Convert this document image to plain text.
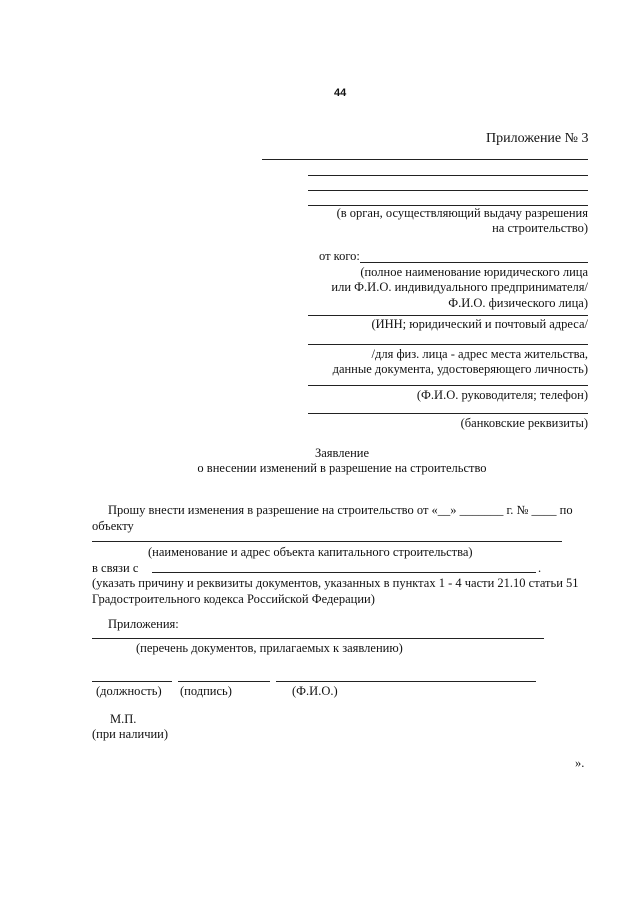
44
Приложение № 3
(в орган, осуществляющий выдачу разрешения
на строительство)
от кого:
(полное наименование юридического лица
или Ф.И.О. индивидуального предпринимателя/
Ф.И.О. физического лица)
(ИНН; юридический и почтовый адреса/
/для физ. лица - адрес места жительства,
данные документа, удостоверяющего личность)
(Ф.И.О. руководителя; телефон)
(банковские реквизиты)
Заявление
о внесении изменений в разрешение на строительство
Прошу внести изменения в разрешение на строительство от «__» _______ г. № ____ по
объекту
(наименование и адрес объекта капитального строительства)
в связи с	.
(указать причину и реквизиты документов, указанных в пунктах 1 - 4 части 21.10 статьи 51
Градостроительного кодекса Российской Федерации)
Приложения:
(перечень документов, прилагаемых к заявлению)
(должность) (подпись)	(Ф.И.О.)
М.П.
(при наличии)
».
